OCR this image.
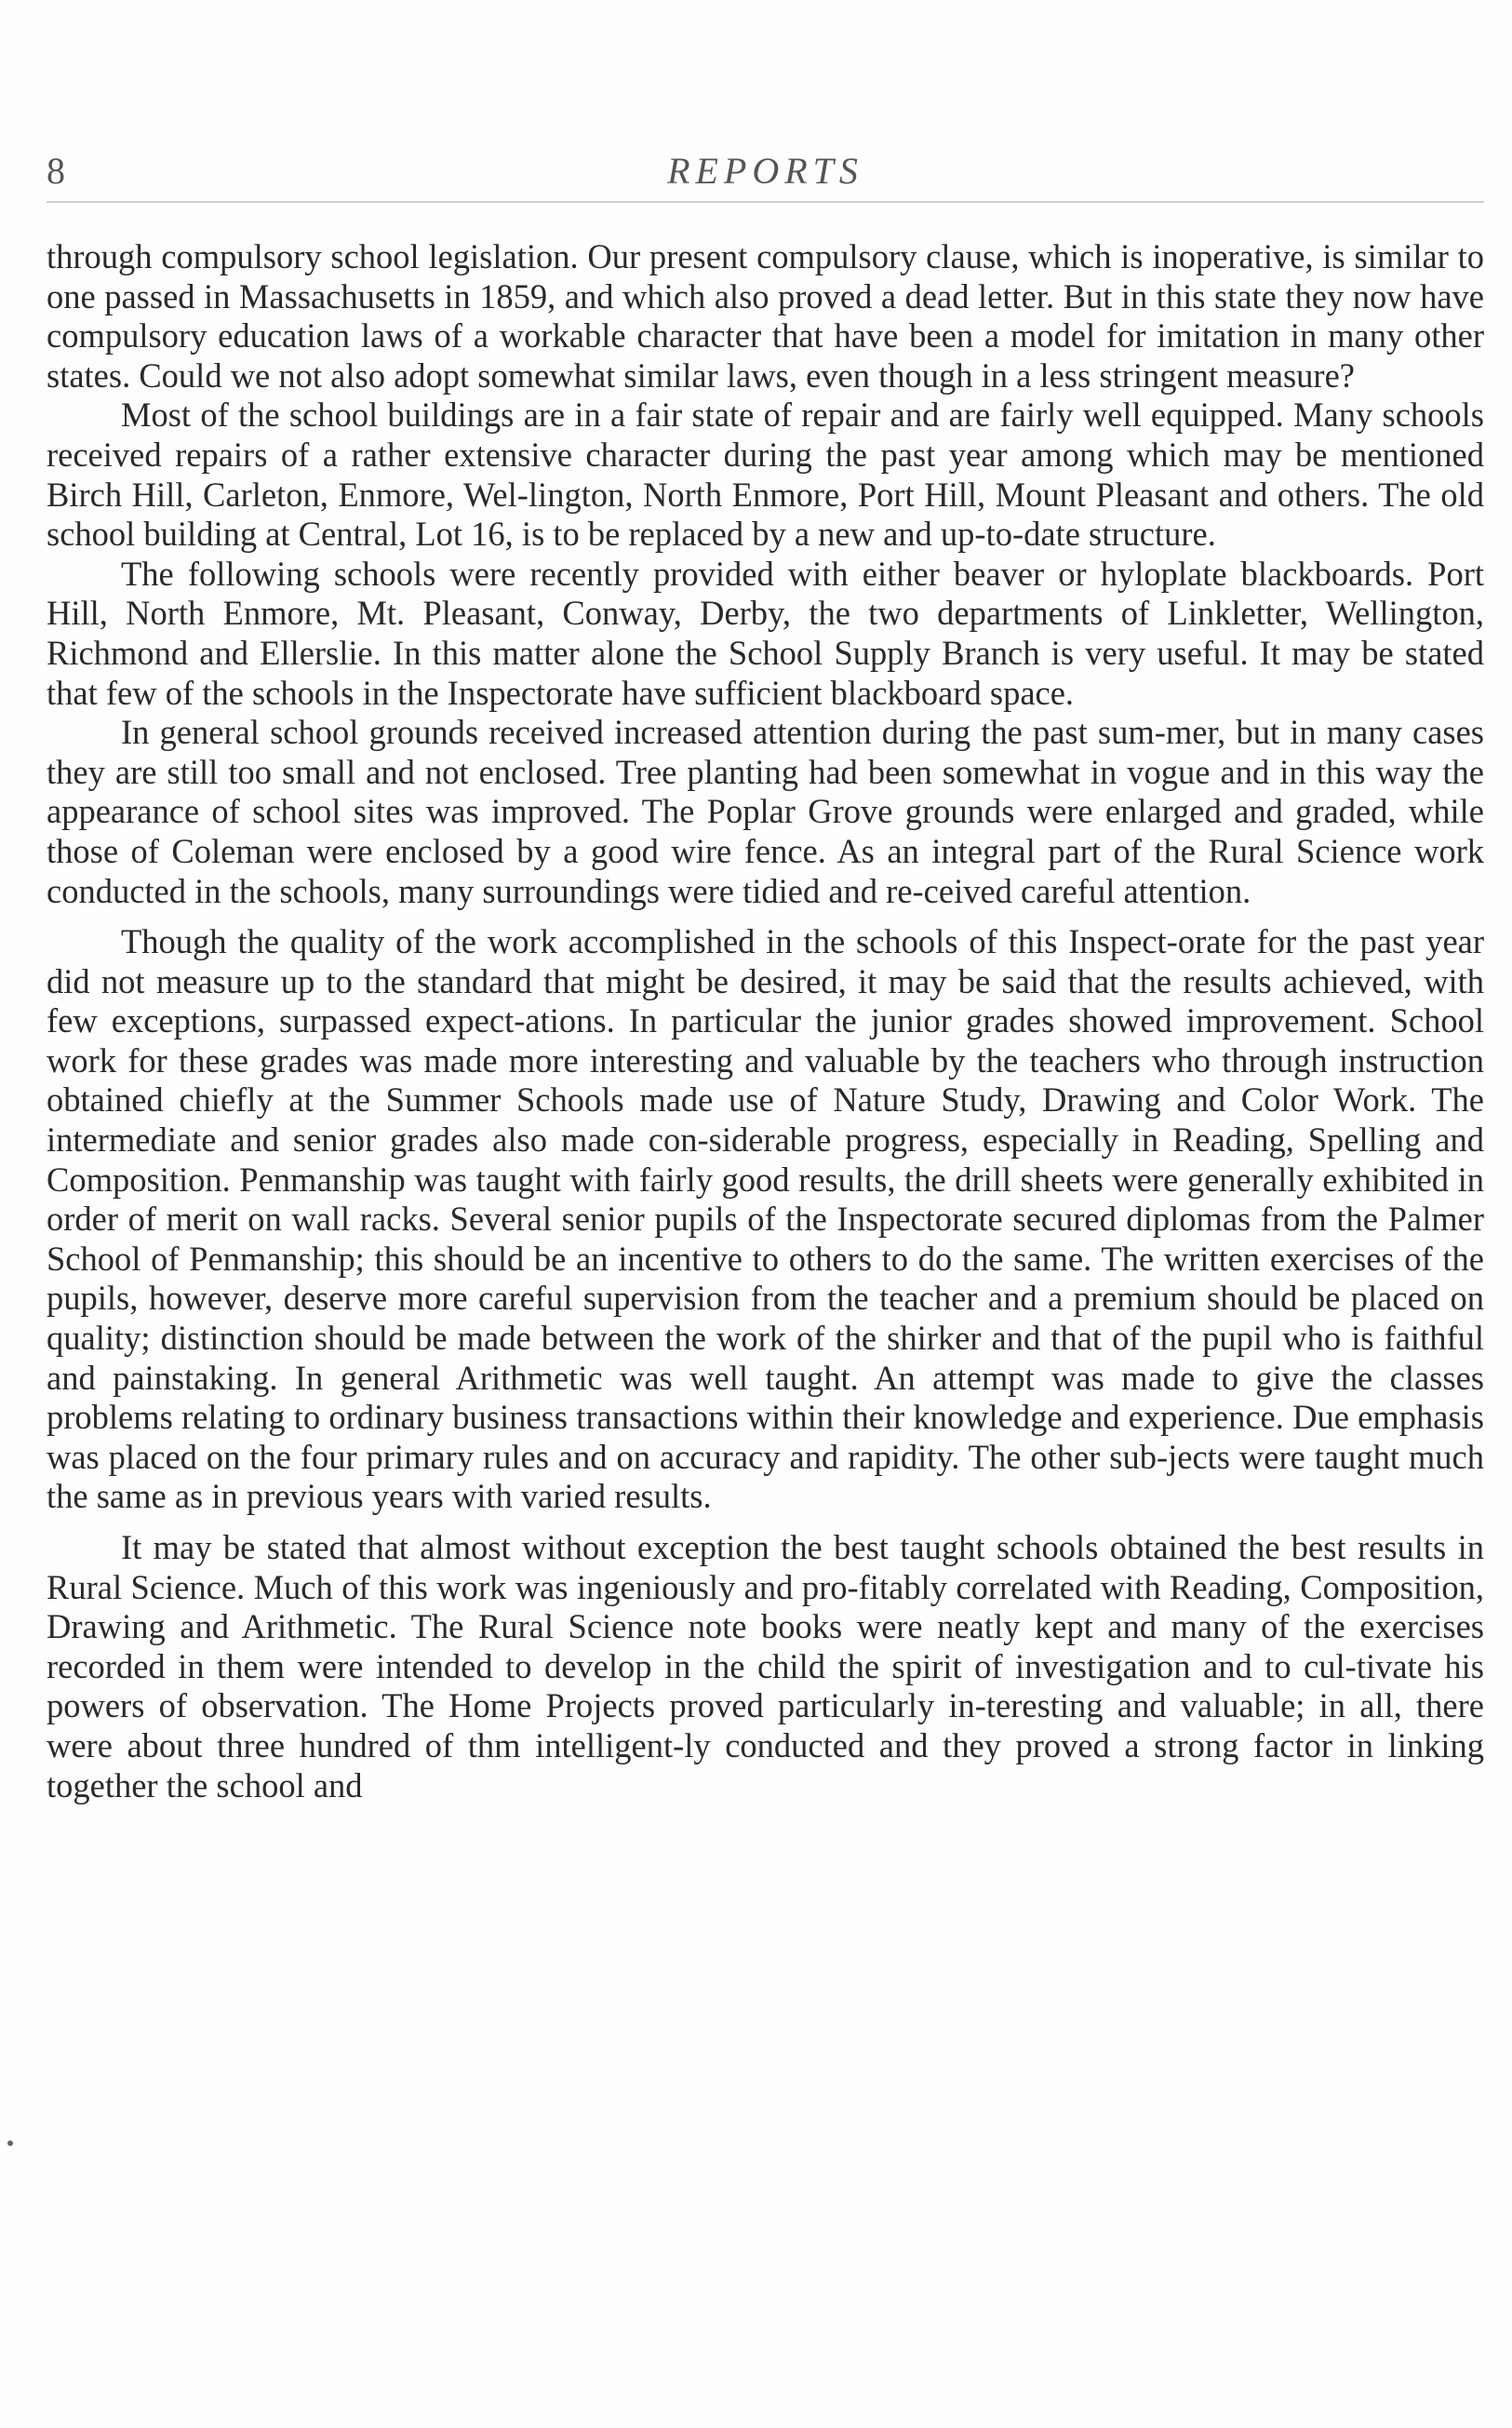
8	REPORTS

through compulsory school legislation. Our present compulsory clause, which is inoperative, is similar to one passed in Massachusetts in 1859, and which also proved a dead letter. But in this state they now have compulsory education laws of a workable character that have been a model for imitation in many other states. Could we not also adopt somewhat similar laws, even though in a less stringent measure?

Most of the school buildings are in a fair state of repair and are fairly well equipped. Many schools received repairs of a rather extensive character during the past year among which may be mentioned Birch Hill, Carleton, Enmore, Wel-lington, North Enmore, Port Hill, Mount Pleasant and others. The old school building at Central, Lot 16, is to be replaced by a new and up-to-date structure.

The following schools were recently provided with either beaver or hyloplate blackboards. Port Hill, North Enmore, Mt. Pleasant, Conway, Derby, the two departments of Linkletter, Wellington, Richmond and Ellerslie. In this matter alone the School Supply Branch is very useful. It may be stated that few of the schools in the Inspectorate have sufficient blackboard space.

In general school grounds received increased attention during the past sum-mer, but in many cases they are still too small and not enclosed. Tree planting had been somewhat in vogue and in this way the appearance of school sites was improved. The Poplar Grove grounds were enlarged and graded, while those of Coleman were enclosed by a good wire fence. As an integral part of the Rural Science work conducted in the schools, many surroundings were tidied and re-ceived careful attention.

Though the quality of the work accomplished in the schools of this Inspect-orate for the past year did not measure up to the standard that might be desired, it may be said that the results achieved, with few exceptions, surpassed expect-ations. In particular the junior grades showed improvement. School work for these grades was made more interesting and valuable by the teachers who through instruction obtained chiefly at the Summer Schools made use of Nature Study, Drawing and Color Work. The intermediate and senior grades also made con-siderable progress, especially in Reading, Spelling and Composition. Penmanship was taught with fairly good results, the drill sheets were generally exhibited in order of merit on wall racks. Several senior pupils of the Inspectorate secured diplomas from the Palmer School of Penmanship; this should be an incentive to others to do the same. The written exercises of the pupils, however, deserve more careful supervision from the teacher and a premium should be placed on quality; distinction should be made between the work of the shirker and that of the pupil who is faithful and painstaking. In general Arithmetic was well taught. An attempt was made to give the classes problems relating to ordinary business transactions within their knowledge and experience. Due emphasis was placed on the four primary rules and on accuracy and rapidity. The other sub-jects were taught much the same as in previous years with varied results.

It may be stated that almost without exception the best taught schools obtained the best results in Rural Science. Much of this work was ingeniously and pro-fitably correlated with Reading, Composition, Drawing and Arithmetic. The Rural Science note books were neatly kept and many of the exercises recorded in them were intended to develop in the child the spirit of investigation and to cul-tivate his powers of observation. The Home Projects proved particularly in-teresting and valuable; in all, there were about three hundred of thm intelligent-ly conducted and they proved a strong factor in linking together the school and
